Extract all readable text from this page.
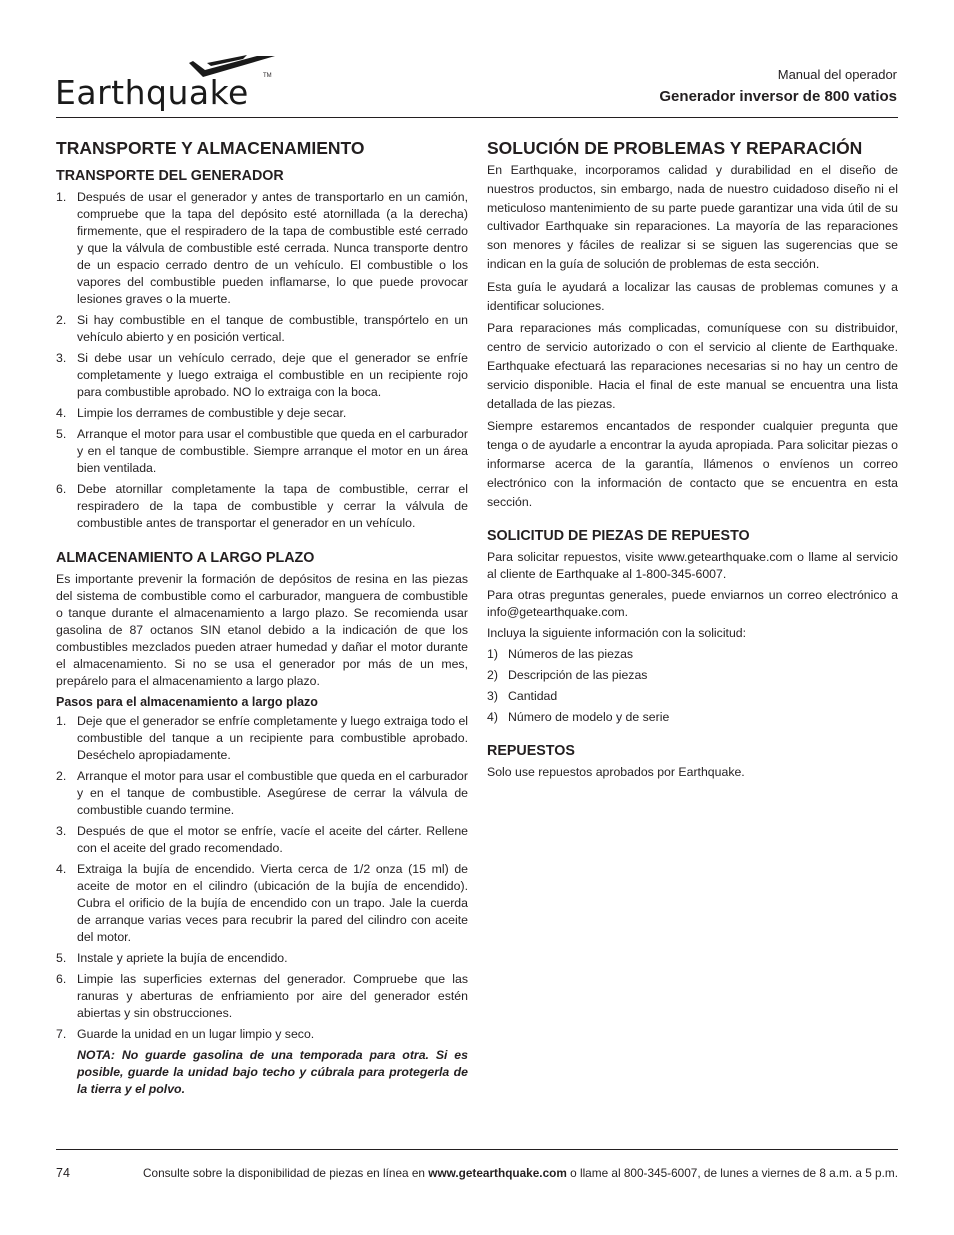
Earthquake TM	Manual del operador
Generador inversor de 800 vatios
TRANSPORTE Y ALMACENAMIENTO
TRANSPORTE DEL GENERADOR
1. Después de usar el generador y antes de transportarlo en un camión, compruebe que la tapa del depósito esté atornillada (a la derecha) firmemente, que el respiradero de la tapa de combustible esté cerrado y que la válvula de combustible esté cerrada. Nunca transporte dentro de un espacio cerrado dentro de un vehículo. El combustible o los vapores del combustible pueden inflamarse, lo que puede provocar lesiones graves o la muerte.
2. Si hay combustible en el tanque de combustible, transpórtelo en un vehículo abierto y en posición vertical.
3. Si debe usar un vehículo cerrado, deje que el generador se enfríe completamente y luego extraiga el combustible en un recipiente rojo para combustible aprobado. NO lo extraiga con la boca.
4. Limpie los derrames de combustible y deje secar.
5. Arranque el motor para usar el combustible que queda en el carburador y en el tanque de combustible. Siempre arranque el motor en un área bien ventilada.
6. Debe atornillar completamente la tapa de combustible, cerrar el respiradero de la tapa de combustible y cerrar la válvula de combustible antes de transportar el generador en un vehículo.
ALMACENAMIENTO A LARGO PLAZO

Es importante prevenir la formación de depósitos de resina en las piezas del sistema de combustible como el carburador, manguera de combustible o tanque durante el almacenamiento a largo plazo. Se recomienda usar gasolina de 87 octanos SIN etanol debido a la indicación de que los combustibles mezclados pueden atraer humedad y dañar el motor durante el almacenamiento. Si no se usa el generador por más de un mes, prepárelo para el almacenamiento a largo plazo.

Pasos para el almacenamiento a largo plazo
1. Deje que el generador se enfríe completamente y luego extraiga todo el combustible del tanque a un recipiente para combustible aprobado. Deséchelo apropiadamente.
2. Arranque el motor para usar el combustible que queda en el carburador y en el tanque de combustible. Asegúrese de cerrar la válvula de combustible cuando termine.
3. Después de que el motor se enfríe, vacíe el aceite del cárter. Rellene con el aceite del grado recomendado.
4. Extraiga la bujía de encendido. Vierta cerca de 1/2 onza (15 ml) de aceite de motor en el cilindro (ubicación de la bujía de encendido). Cubra el orificio de la bujía de encendido con un trapo. Jale la cuerda de arranque varias veces para recubrir la pared del cilindro con aceite del motor.
5. Instale y apriete la bujía de encendido.
6. Limpie las superficies externas del generador. Compruebe que las ranuras y aberturas de enfriamiento por aire del generador estén abiertas y sin obstrucciones.
7. Guarde la unidad en un lugar limpio y seco.
NOTA: No guarde gasolina de una temporada para otra. Si es posible, guarde la unidad bajo techo y cúbrala para protegerla de la tierra y el polvo.
SOLUCIÓN DE PROBLEMAS Y REPARACIÓN

En Earthquake, incorporamos calidad y durabilidad en el diseño de nuestros productos, sin embargo, nada de nuestro cuidadoso diseño ni el meticuloso mantenimiento de su parte puede garantizar una vida útil de su cultivador Earthquake sin reparaciones. La mayoría de las reparaciones son menores y fáciles de realizar si se siguen las sugerencias que se indican en la guía de solución de problemas de esta sección.

Esta guía le ayudará a localizar las causas de problemas comunes y a identificar soluciones.

Para reparaciones más complicadas, comuníquese con su distribuidor, centro de servicio autorizado o con el servicio al cliente de Earthquake. Earthquake efectuará las reparaciones necesarias si no hay un centro de servicio disponible. Hacia el final de este manual se encuentra una lista detallada de las piezas.

Siempre estaremos encantados de responder cualquier pregunta que tenga o de ayudarle a encontrar la ayuda apropiada. Para solicitar piezas o informarse acerca de la garantía, llámenos o envíenos un correo electrónico con la información de contacto que se encuentra en esta sección.

SOLICITUD DE PIEZAS DE REPUESTO

Para solicitar repuestos, visite www.getearthquake.com o llame al servicio al cliente de Earthquake al 1-800-345-6007.

Para otras preguntas generales, puede enviarnos un correo electrónico a info@getearthquake.com.

Incluya la siguiente información con la solicitud:

1) Números de las piezas
2) Descripción de las piezas
3) Cantidad
4) Número de modelo y de serie
REPUESTOS

Solo use repuestos aprobados por Earthquake.

74	Consulte sobre la disponibilidad de piezas en línea en www.getearthquake.com o llame al 800-345-6007, de lunes a viernes de 8 a.m. a 5 p.m.
